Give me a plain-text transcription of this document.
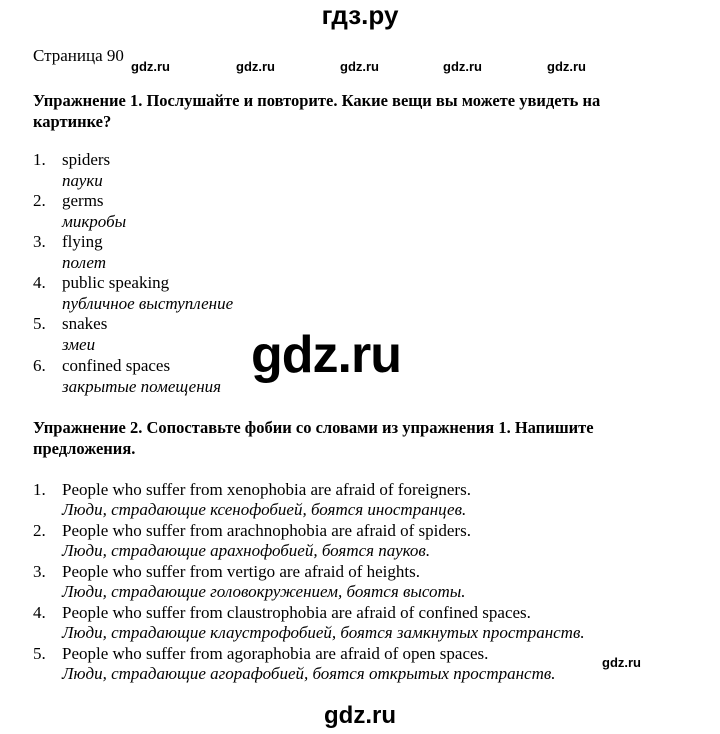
гдз.ру
Страница 90
gdz.ru	gdz.ru	gdz.ru	gdz.ru	gdz.ru
Упражнение 1. Послушайте и повторите. Какие вещи вы можете увидеть на картинке?
1. spiders
пауки
2. germs
микробы
3. flying
полет
4. public speaking
публичное выступление
5. snakes
змеи
6. confined spaces
закрытые помещения
gdz.ru
Упражнение 2. Сопоставьте фобии со словами из упражнения 1. Напишите предложения.
1. People who suffer from xenophobia are afraid of foreigners.
Люди, страдающие ксенофобией, боятся иностранцев.
2. People who suffer from arachnophobia are afraid of spiders.
Люди, страдающие арахнофобией, боятся пауков.
3. People who suffer from vertigo are afraid of heights.
Люди, страдающие головокружением, боятся высоты.
4. People who suffer from claustrophobia are afraid of confined spaces.
Люди, страдающие клаустрофобией, боятся замкнутых пространств.
5. People who suffer from agoraphobia are afraid of open spaces.
Люди, страдающие агорафобией, боятся открытых пространств.
gdz.ru
gdz.ru
